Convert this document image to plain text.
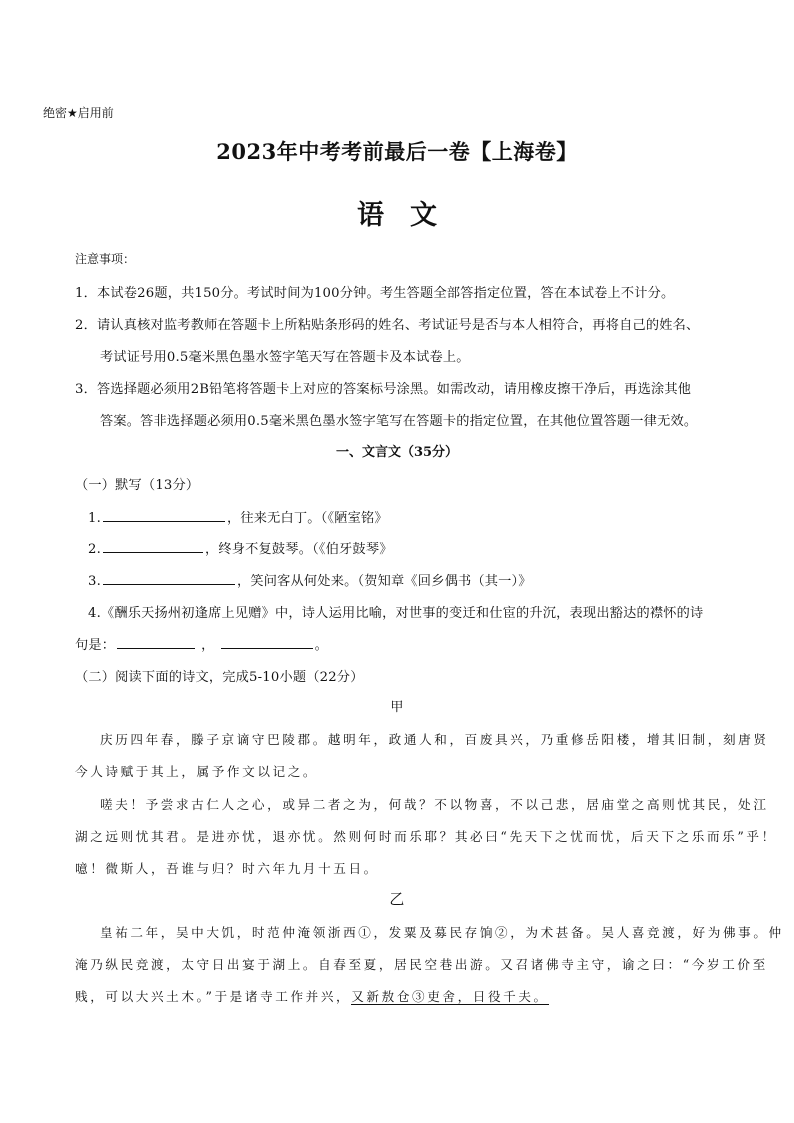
绝密★启用前
2023年中考考前最后一卷【上海卷】
语文
注意事项：
1．本试卷26题，共150分。考试时间为100分钟。考生答题全部答指定位置，答在本试卷上不计分。
2．请认真核对监考教师在答题卡上所粘贴条形码的姓名、考试证号是否与本人相符合，再将自己的姓名、
考试证号用0.5毫米黑色墨水签字笔天写在答题卡及本试卷上。
3．答选择题必须用2B铅笔将答题卡上对应的答案标号涂黑。如需改动，请用橡皮擦干净后，再选涂其他
答案。答非选择题必须用0.5毫米黑色墨水签字笔写在答题卡的指定位置，在其他位置答题一律无效。
一、文言文（35分）
（一）默写（13分）
1.	，往来无白丁。（《陋室铭》
2.	，终身不复鼓琴。（《伯牙鼓琴》
3.	，笑问客从何处来。（贺知章《回乡偶书（其一）》
4.《酬乐天扬州初逢席上见赠》中，诗人运用比喻，对世事的变迁和仕宦的升沉，表现出豁达的襟怀的诗
句是：	，	。
（二）阅读下面的诗文，完成5-10小题（22分）
甲
庆历四年春，滕子京谪守巴陵郡。越明年，政通人和，百废具兴，乃重修岳阳楼，增其旧制，刻唐贤
今人诗赋于其上，属予作文以记之。
嗟夫！予尝求古仁人之心，或异二者之为，何哉？不以物喜，不以己悲，居庙堂之高则忧其民，处江
湖之远则忧其君。是进亦忧，退亦忧。然则何时而乐耶？其必曰“先天下之忧而忧，后天下之乐而乐”乎！
噫！微斯人，吾谁与归？时六年九月十五日。
乙
皇祐二年，吴中大饥，时范仲淹领浙西①，发粟及募民存饷②，为术甚备。吴人喜竞渡，好为佛事。仲
淹乃纵民竞渡，太守日出宴于湖上。自春至夏，居民空巷出游。又召诸佛寺主守，谕之曰：“今岁工价至
贱，可以大兴土木。”于是诸寺工作并兴，又新敖仓③吏舍，日役千夫。
